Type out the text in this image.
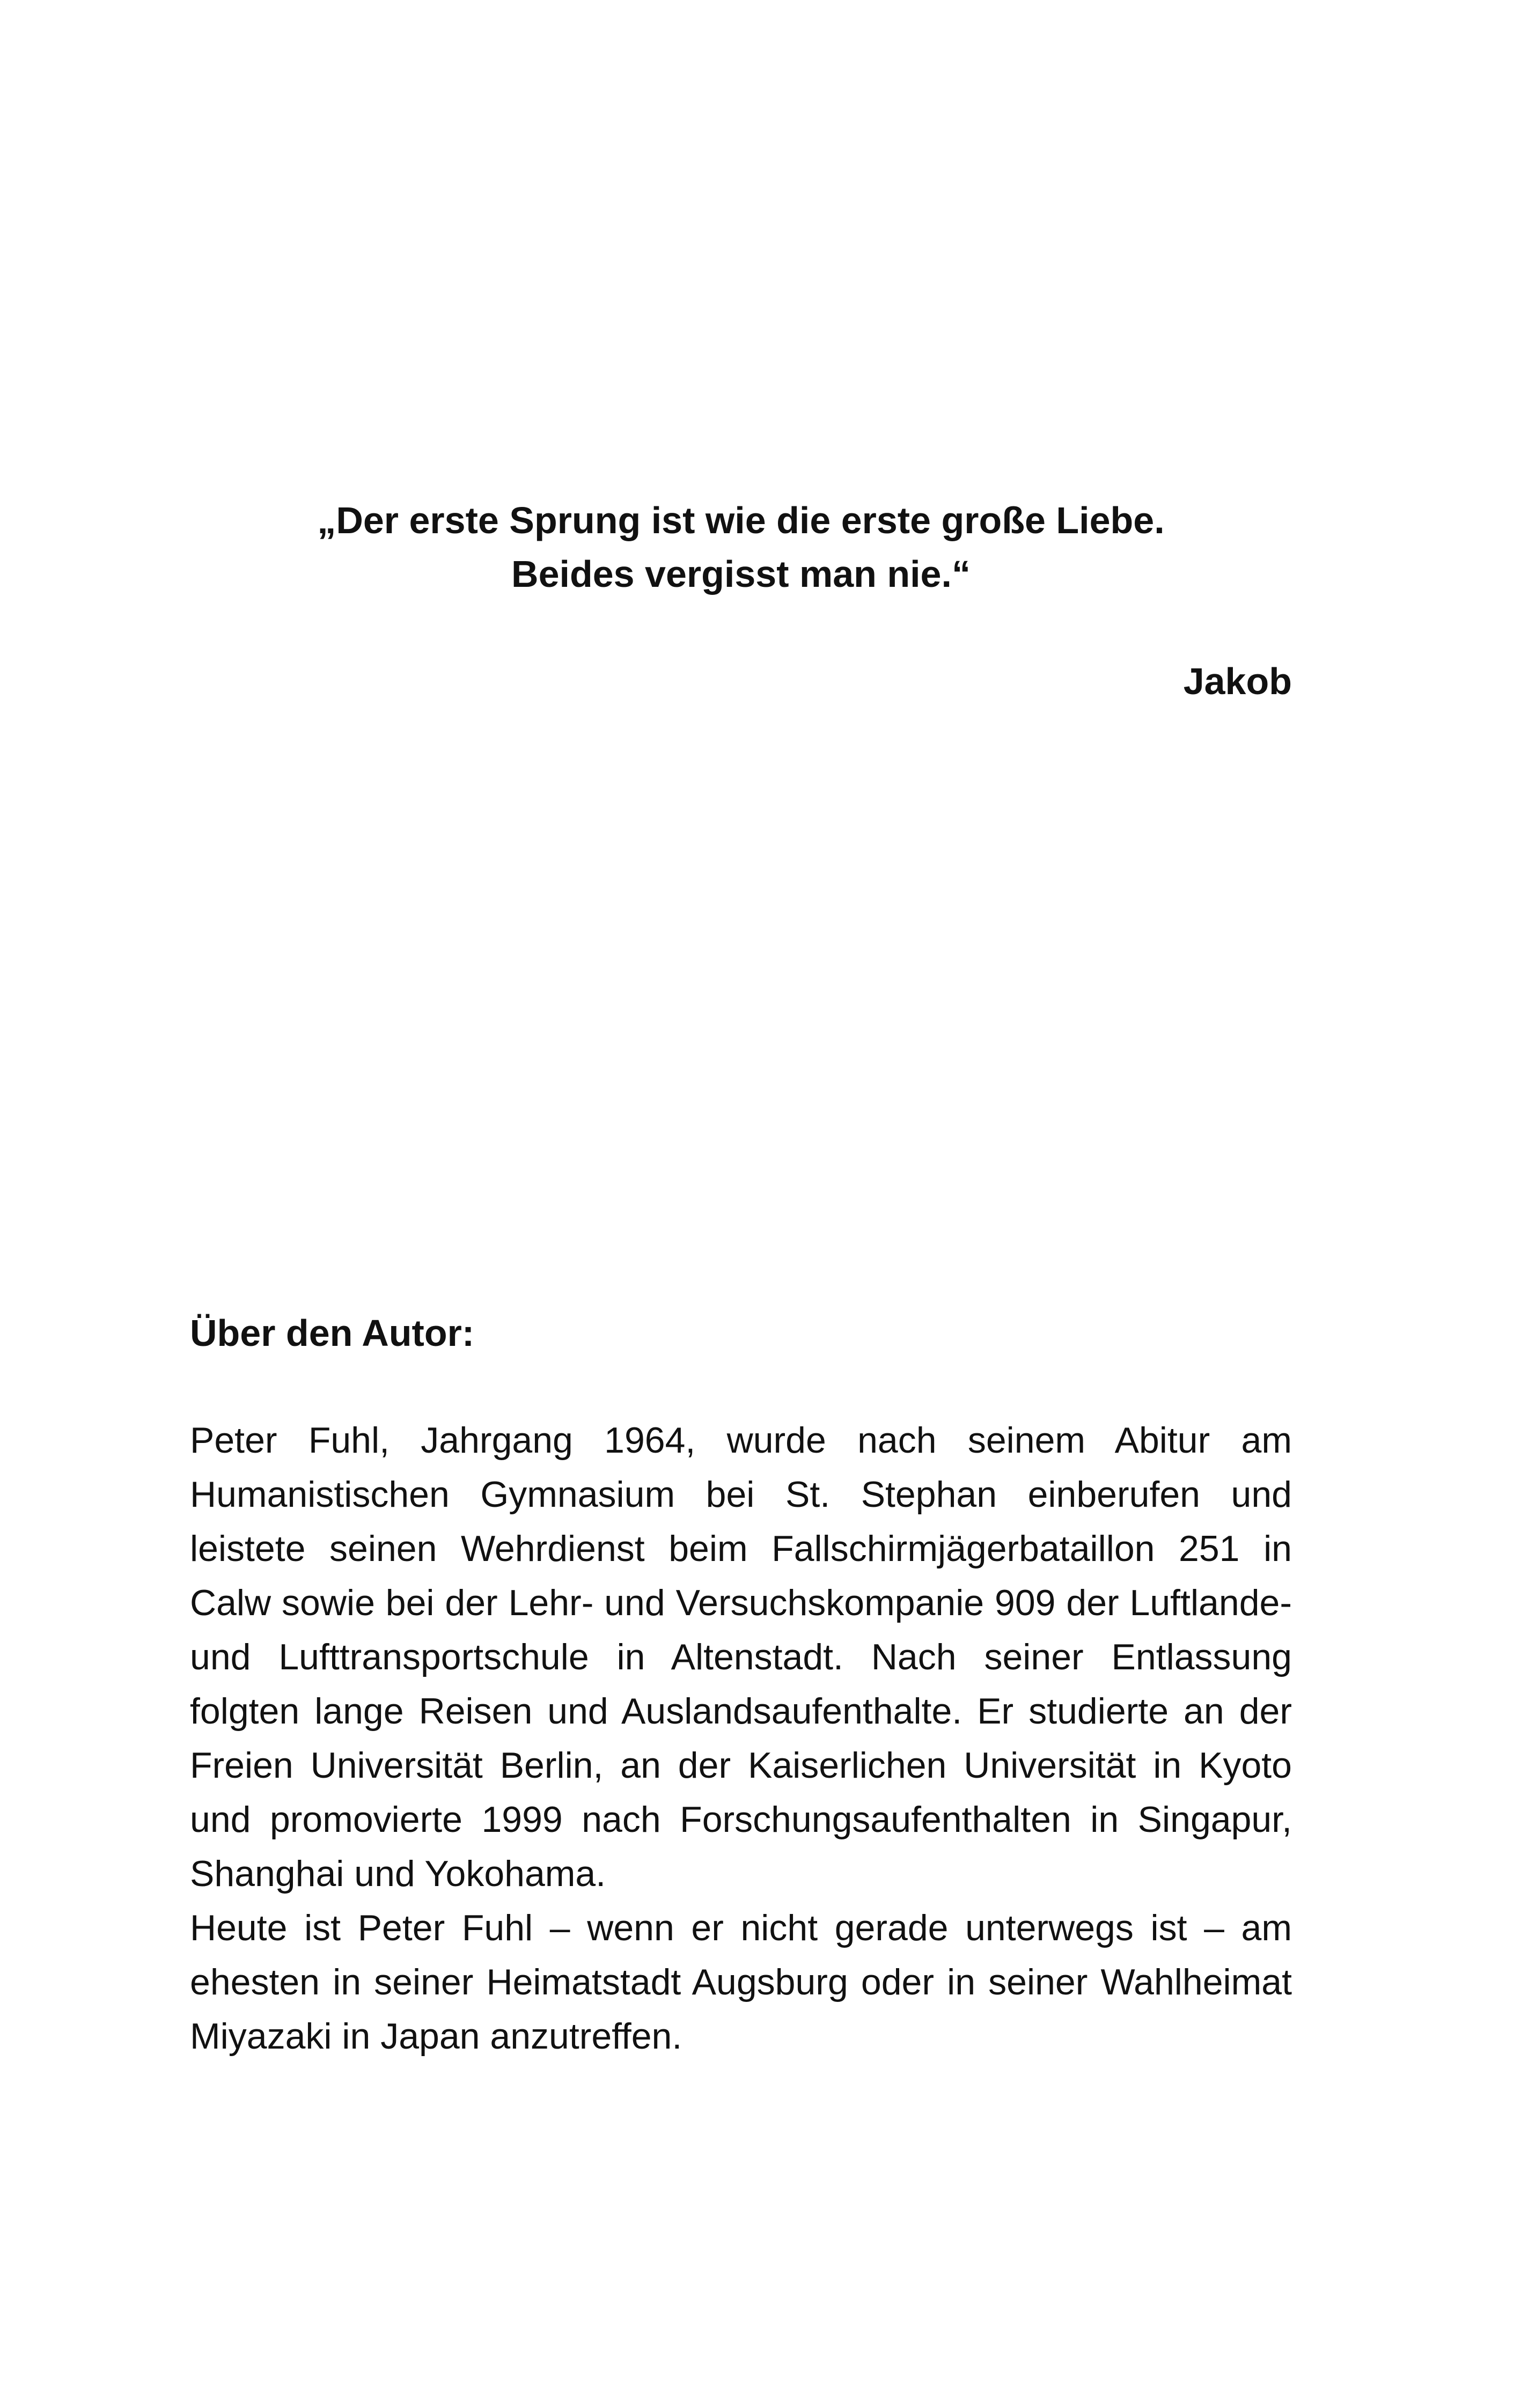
„Der erste Sprung ist wie die erste große Liebe.
Beides vergisst man nie.“
Jakob
Über den Autor:

Peter Fuhl, Jahrgang 1964, wurde nach seinem Abitur am Humanistischen Gymnasium bei St. Stephan einberufen und leistete seinen Wehrdienst beim Fallschirmjägerbataillon 251 in Calw sowie bei der Lehr- und Versuchskompanie 909 der Luftlande- und Lufttransportschule in Altenstadt. Nach seiner Entlassung folgten lange Reisen und Auslandsaufenthalte. Er studierte an der Freien Universität Berlin, an der Kaiserlichen Universität in Kyoto und promovierte 1999 nach Forschungsaufenthalten in Singapur, Shanghai und Yokohama.

Heute ist Peter Fuhl – wenn er nicht gerade unterwegs ist – am ehesten in seiner Heimatstadt Augsburg oder in seiner Wahlheimat Miyazaki in Japan anzutreffen.
